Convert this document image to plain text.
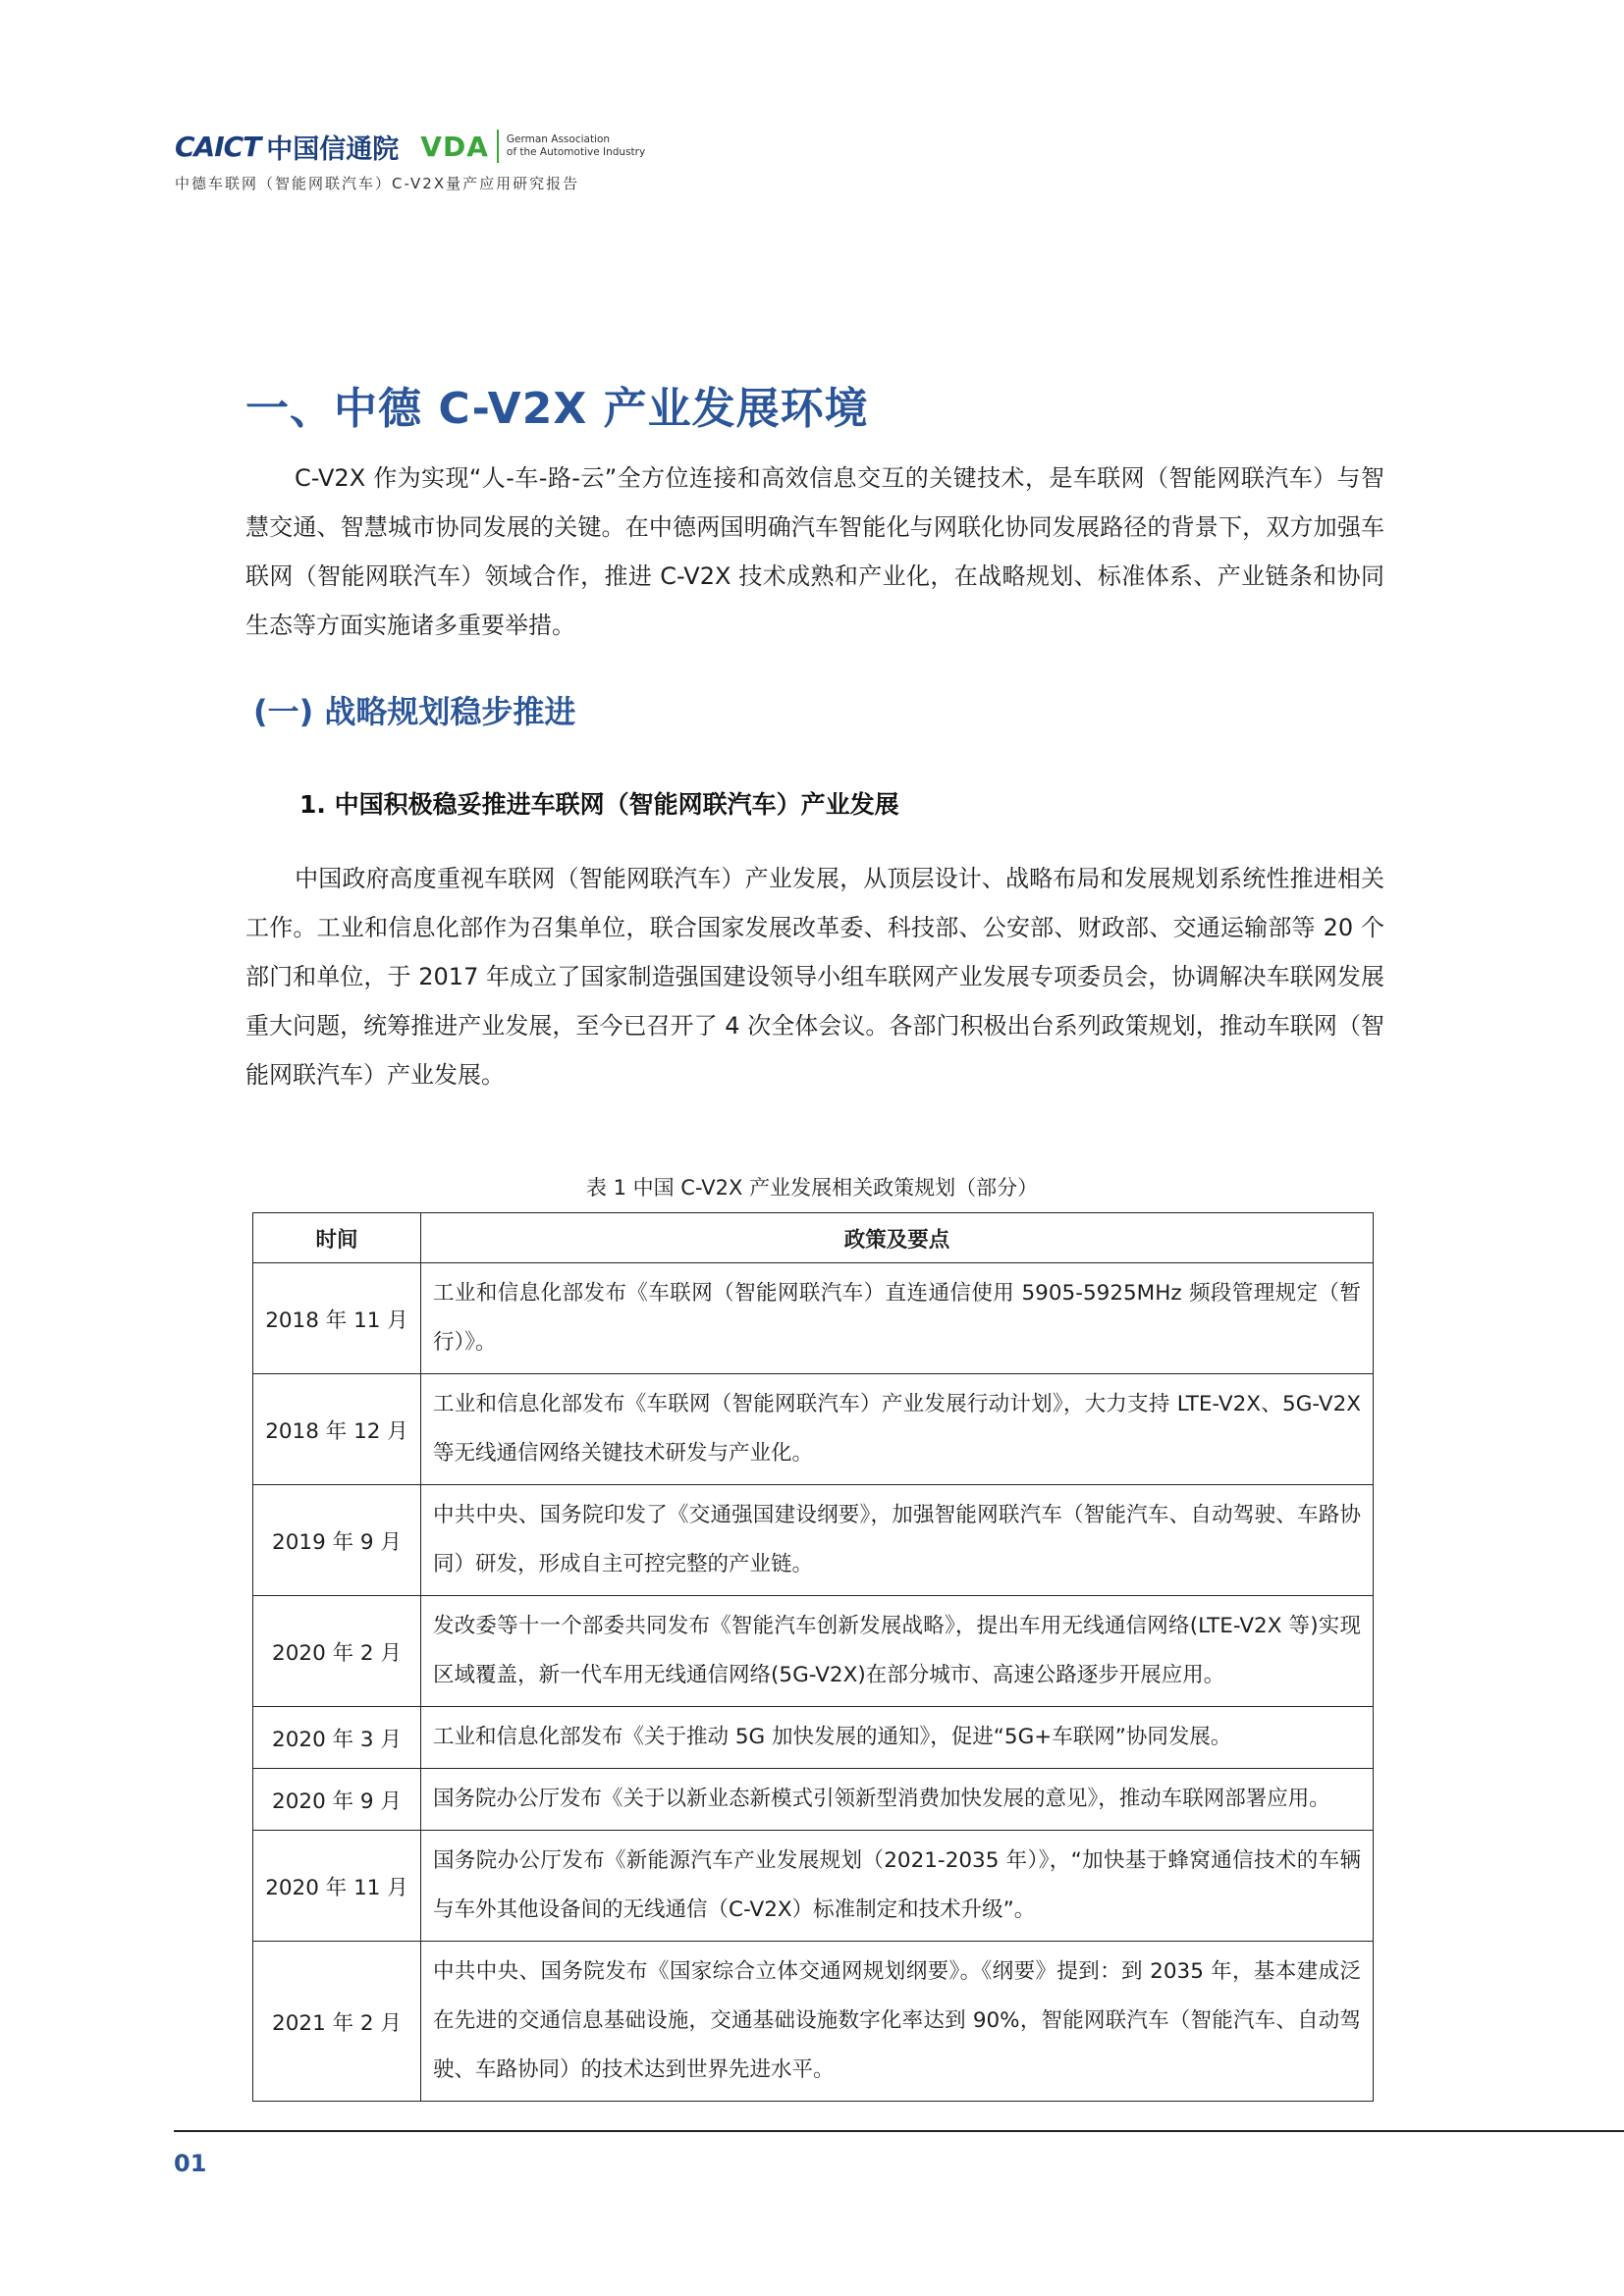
CAICT 中国信通院 VDA German Association
of the Automotive Industry
中德车联网（智能网联汽车）C-V2X量产应用研究报告
一、中德 C-V2X 产业发展环境
C-V2X 作为实现“人-车-路-云”全方位连接和高效信息交互的关键技术，是车联网（智能网联汽车）与智慧交通、智慧城市协同发展的关键。在中德两国明确汽车智能化与网联化协同发展路径的背景下，双方加强车联网（智能网联汽车）领域合作，推进 C-V2X 技术成熟和产业化，在战略规划、标准体系、产业链条和协同生态等方面实施诸多重要举措。
(一) 战略规划稳步推进
1. 中国积极稳妥推进车联网（智能网联汽车）产业发展
中国政府高度重视车联网（智能网联汽车）产业发展，从顶层设计、战略布局和发展规划系统性推进相关工作。工业和信息化部作为召集单位，联合国家发展改革委、科技部、公安部、财政部、交通运输部等 20 个部门和单位，于 2017 年成立了国家制造强国建设领导小组车联网产业发展专项委员会，协调解决车联网发展重大问题，统筹推进产业发展，至今已召开了 4 次全体会议。各部门积极出台系列政策规划，推动车联网（智能网联汽车）产业发展。
表 1 中国 C-V2X 产业发展相关政策规划（部分）
时间	政策及要点
2018 年 11 月	工业和信息化部发布《车联网（智能网联汽车）直连通信使用 5905-5925MHz 频段管理规定（暂行）》。
2018 年 12 月	工业和信息化部发布《车联网（智能网联汽车）产业发展行动计划》，大力支持 LTE-V2X、5G-V2X 等无线通信网络关键技术研发与产业化。
2019 年 9 月	中共中央、国务院印发了《交通强国建设纲要》，加强智能网联汽车（智能汽车、自动驾驶、车路协同）研发，形成自主可控完整的产业链。
2020 年 2 月	发改委等十一个部委共同发布《智能汽车创新发展战略》，提出车用无线通信网络(LTE-V2X 等)实现区域覆盖，新一代车用无线通信网络(5G-V2X)在部分城市、高速公路逐步开展应用。
2020 年 3 月	工业和信息化部发布《关于推动 5G 加快发展的通知》，促进“5G+车联网”协同发展。
2020 年 9 月	国务院办公厅发布《关于以新业态新模式引领新型消费加快发展的意见》，推动车联网部署应用。
2020 年 11 月	国务院办公厅发布《新能源汽车产业发展规划（2021-2035 年）》，“加快基于蜂窝通信技术的车辆与车外其他设备间的无线通信（C-V2X）标准制定和技术升级”。
2021 年 2 月	中共中央、国务院发布《国家综合立体交通网规划纲要》。《纲要》提到：到 2035 年，基本建成泛在先进的交通信息基础设施，交通基础设施数字化率达到 90%，智能网联汽车（智能汽车、自动驾驶、车路协同）的技术达到世界先进水平。
01
